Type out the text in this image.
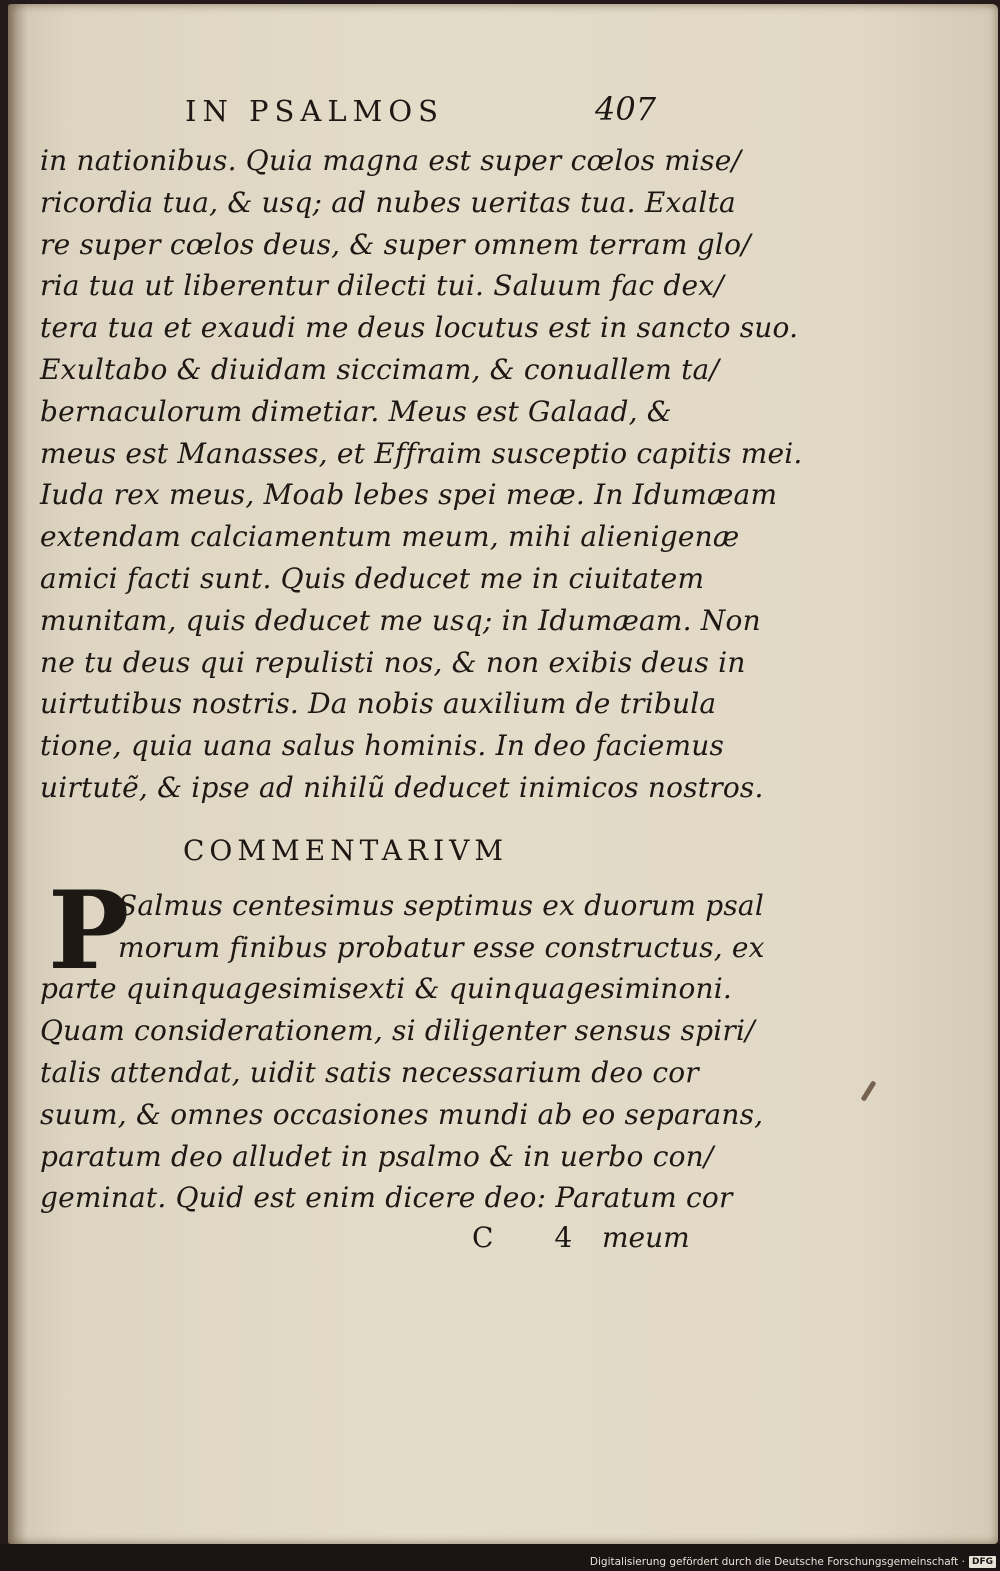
IN PSALMOS	407
in nationibus. Quia magna est super cœlos mise/
ricordia tua, & usq; ad nubes ueritas tua. Exalta
re super cœlos deus, & super omnem terram glo/
ria tua ut liberentur dilecti tui. Saluum fac dex/
tera tua et exaudi me deus locutus est in sancto suo.
Exultabo & diuidam siccimam, & conuallem ta/
bernaculorum dimetiar. Meus est Galaad, &
meus est Manasses, et Effraim susceptio capitis mei.
Iuda rex meus, Moab lebes spei meæ. In Idumæam
extendam calciamentum meum, mihi alienigenæ
amici facti sunt. Quis deducet me in ciuitatem
munitam, quis deducet me usq; in Idumæam. Non
ne tu deus qui repulisti nos, & non exibis deus in
uirtutibus nostris. Da nobis auxilium de tribula
tione, quia uana salus hominis. In deo faciemus
uirtutẽ, & ipse ad nihilũ deducet inimicos nostros.
COMMENTARIVM
P
Salmus centesimus septimus ex duorum psal
morum finibus probatur esse constructus, ex
parte quinquagesimisexti & quinquagesiminoni.
Quam considerationem, si diligenter sensus spiri/
talis attendat, uidit satis necessarium deo cor
suum, & omnes occasiones mundi ab eo separans,
paratum deo alludet in psalmo & in uerbo con/
geminat. Quid est enim dicere deo: Paratum cor
C 4 meum
Digitalisierung gefördert durch die Deutsche Forschungsgemeinschaft · DFG
